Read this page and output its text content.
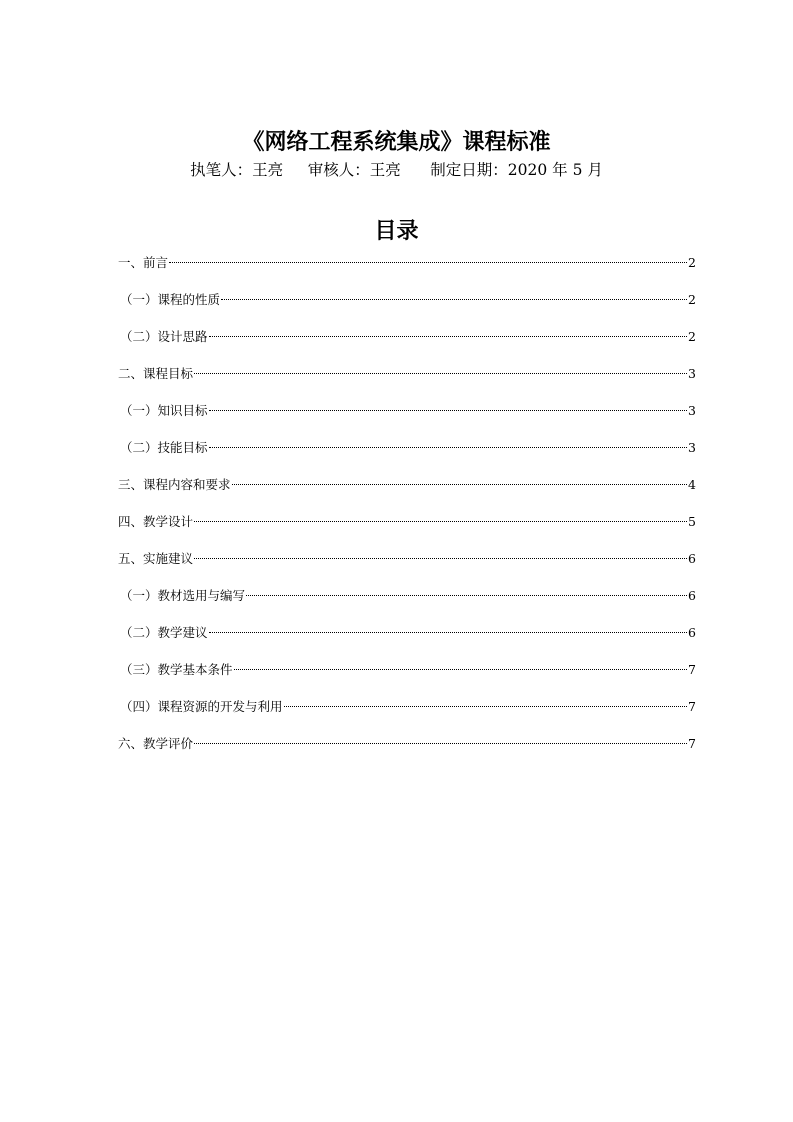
《网络工程系统集成》课程标准
执笔人：王亮     审核人：王亮      制定日期：2020 年 5 月
目录
一、前言	2
（一）课程的性质	2
（二）设计思路	2
二、课程目标	3
（一）知识目标	3
（二）技能目标	3
三、课程内容和要求	4
四、教学设计	5
五、实施建议	6
（一）教材选用与编写	6
（二）教学建议	6
（三）教学基本条件	7
（四）课程资源的开发与利用	7
六、教学评价	7
